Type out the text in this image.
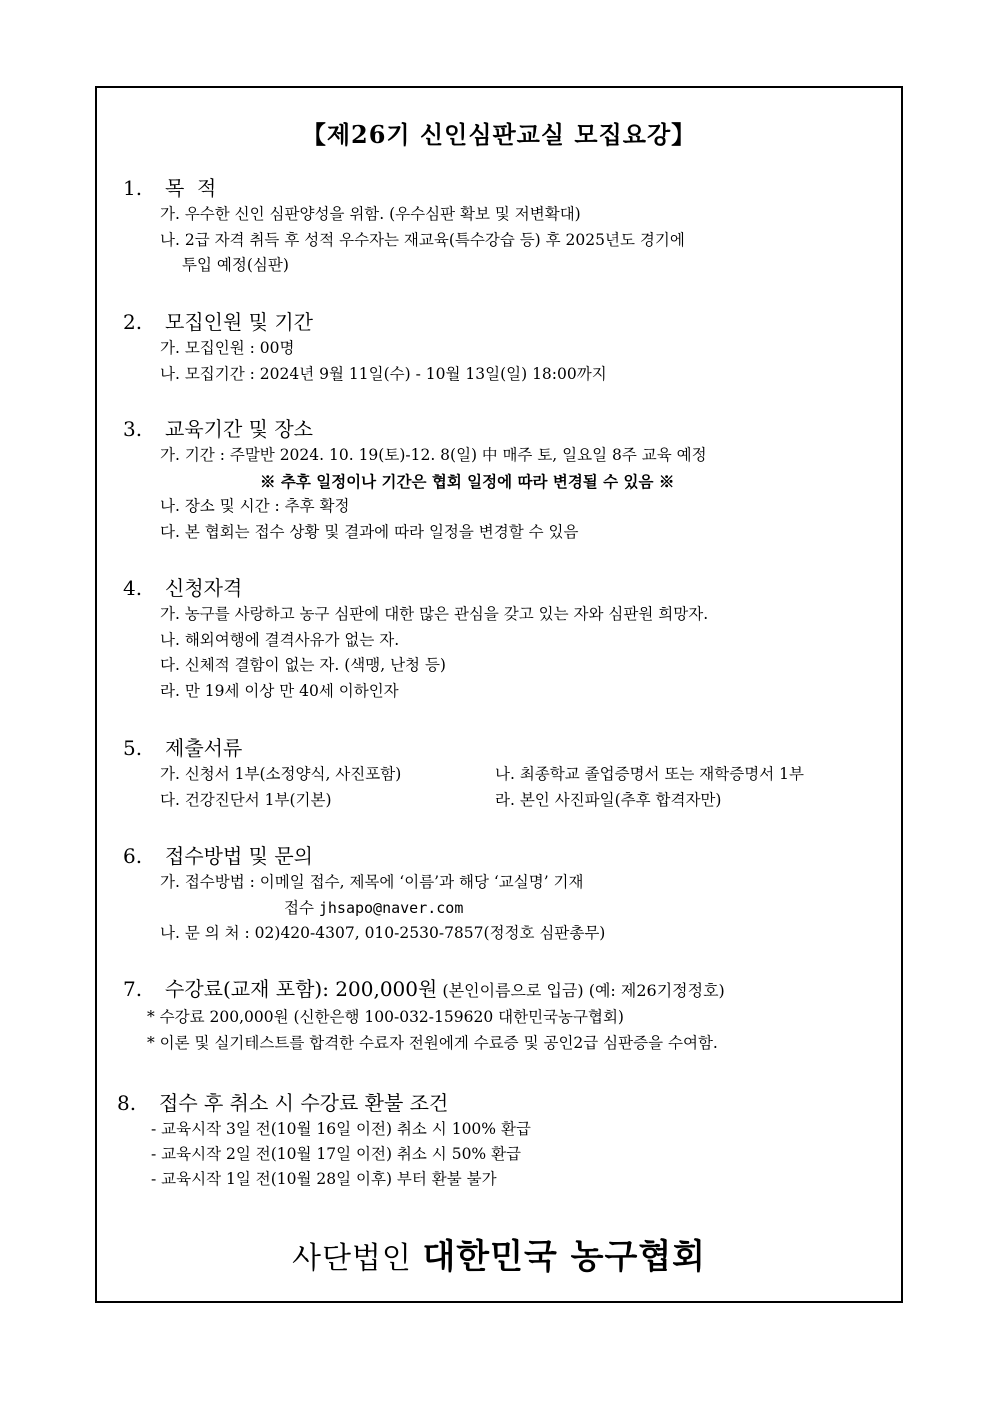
【제26기 신인심판교실 모집요강】
1. 목  적
가. 우수한 신인 심판양성을 위함. (우수심판 확보 및 저변확대)
나. 2급 자격 취득 후 성적 우수자는 재교육(특수강습 등) 후 2025년도 경기에
투입 예정(심판)
2. 모집인원 및 기간
가. 모집인원 : 00명
나. 모집기간 : 2024년 9월 11일(수) - 10월 13일(일) 18:00까지
3. 교육기간 및 장소
가. 기간 : 주말반 2024. 10. 19(토)-12. 8(일) 中 매주 토, 일요일 8주 교육 예정
※ 추후 일정이나 기간은 협회 일정에 따라 변경될 수 있음 ※
나. 장소 및 시간 : 추후 확정
다. 본 협회는 접수 상황 및 결과에 따라 일정을 변경할 수 있음
4. 신청자격
가. 농구를 사랑하고 농구 심판에 대한 많은 관심을 갖고 있는 자와 심판원 희망자.
나. 해외여행에 결격사유가 없는 자.
다. 신체적 결함이 없는 자. (색맹, 난청 등)
라. 만 19세 이상 만 40세 이하인자
5. 제출서류
가. 신청서 1부(소정양식, 사진포함)	나. 최종학교 졸업증명서 또는 재학증명서 1부
다. 건강진단서 1부(기본)	라. 본인 사진파일(추후 합격자만)
6. 접수방법 및 문의
가. 접수방법 : 이메일 접수, 제목에 ‘이름’과 해당 ‘교실명’ 기재
접수 jhsapo@naver.com
나. 문 의 처 : 02)420-4307, 010-2530-7857(정정호 심판총무)
7. 수강료(교재 포함): 200,000원 (본인이름으로 입금) (예: 제26기정정호)
* 수강료 200,000원 (신한은행 100-032-159620 대한민국농구협회)
* 이론 및 실기테스트를 합격한 수료자 전원에게 수료증 및 공인2급 심판증을 수여함.
8. 접수 후 취소 시 수강료 환불 조건
- 교육시작 3일 전(10월 16일 이전) 취소 시 100% 환급
- 교육시작 2일 전(10월 17일 이전) 취소 시 50% 환급
- 교육시작 1일 전(10월 28일 이후) 부터 환불 불가
사단법인 대한민국 농구협회
